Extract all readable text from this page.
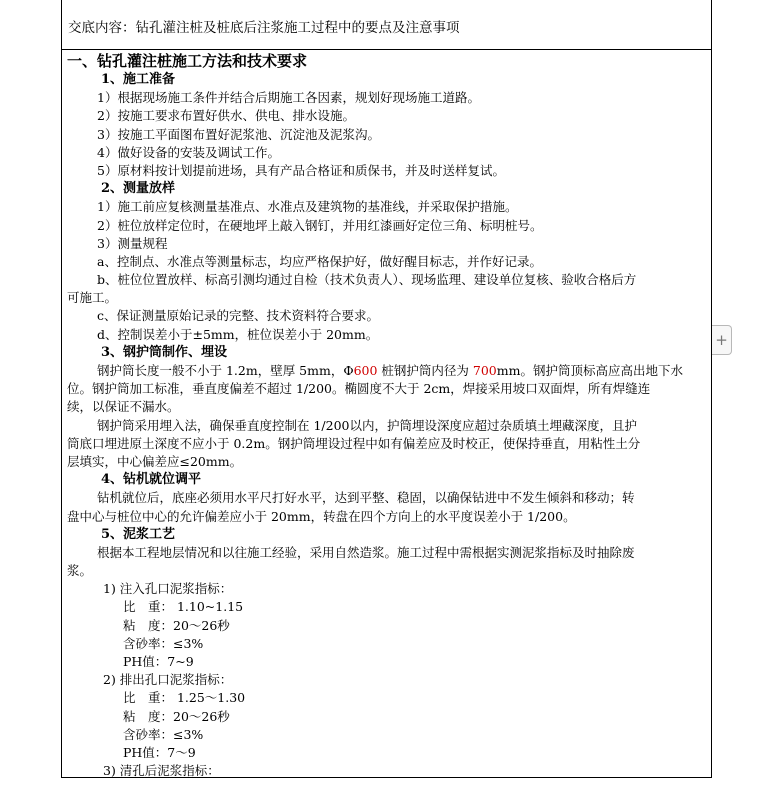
交底内容：钻孔灌注桩及桩底后注浆施工过程中的要点及注意事项
一、钻孔灌注桩施工方法和技术要求
1、施工准备
1）根据现场施工条件并结合后期施工各因素，规划好现场施工道路。
2）按施工要求布置好供水、供电、排水设施。
3）按施工平面图布置好泥浆池、沉淀池及泥浆沟。
4）做好设备的安装及调试工作。
5）原材料按计划提前进场，具有产品合格证和质保书，并及时送样复试。
2、测量放样
1）施工前应复核测量基准点、水准点及建筑物的基准线，并采取保护措施。
2）桩位放样定位时，在硬地坪上敲入钢钉，并用红漆画好定位三角、标明桩号。
3）测量规程
a、控制点、水准点等测量标志，均应严格保护好，做好醒目标志，并作好记录。
b、桩位位置放样、标高引测均通过自检（技术负责人）、现场监理、建设单位复核、验收合格后方
可施工。
c、保证测量原始记录的完整、技术资料符合要求。
d、控制误差小于±5mm，桩位误差小于 20mm。
3、钢护筒制作、埋设
钢护筒长度一般不小于 1.2m，壁厚 5mm，Φ600 桩钢护筒内径为 700mm。钢护筒顶标高应高出地下水
位。钢护筒加工标准，垂直度偏差不超过 1/200。椭圆度不大于 2cm，焊接采用坡口双面焊，所有焊缝连
续，以保证不漏水。
钢护筒采用埋入法，确保垂直度控制在 1/200以内，护筒埋设深度应超过杂质填土埋藏深度，且护
筒底口埋进原土深度不应小于 0.2m。钢护筒埋设过程中如有偏差应及时校正，使保持垂直，用粘性土分
层填实，中心偏差应≤20mm。
4、钻机就位调平
钻机就位后，底座必须用水平尺打好水平，达到平整、稳固，以确保钻进中不发生倾斜和移动；转
盘中心与桩位中心的允许偏差应小于 20mm，转盘在四个方向上的水平度误差小于 1/200。
5、泥浆工艺
根据本工程地层情况和以往施工经验，采用自然造浆。施工过程中需根据实测泥浆指标及时抽除废
浆。
1) 注入孔口泥浆指标：
比　重： 1.10~1.15
粘　度：20～26秒
含砂率：≤3%
PH值：7~9
2) 排出孔口泥浆指标：
比　重： 1.25～1.30
粘　度：20～26秒
含砂率：≤3%
PH值：7～9
3) 清孔后泥浆指标：
+
